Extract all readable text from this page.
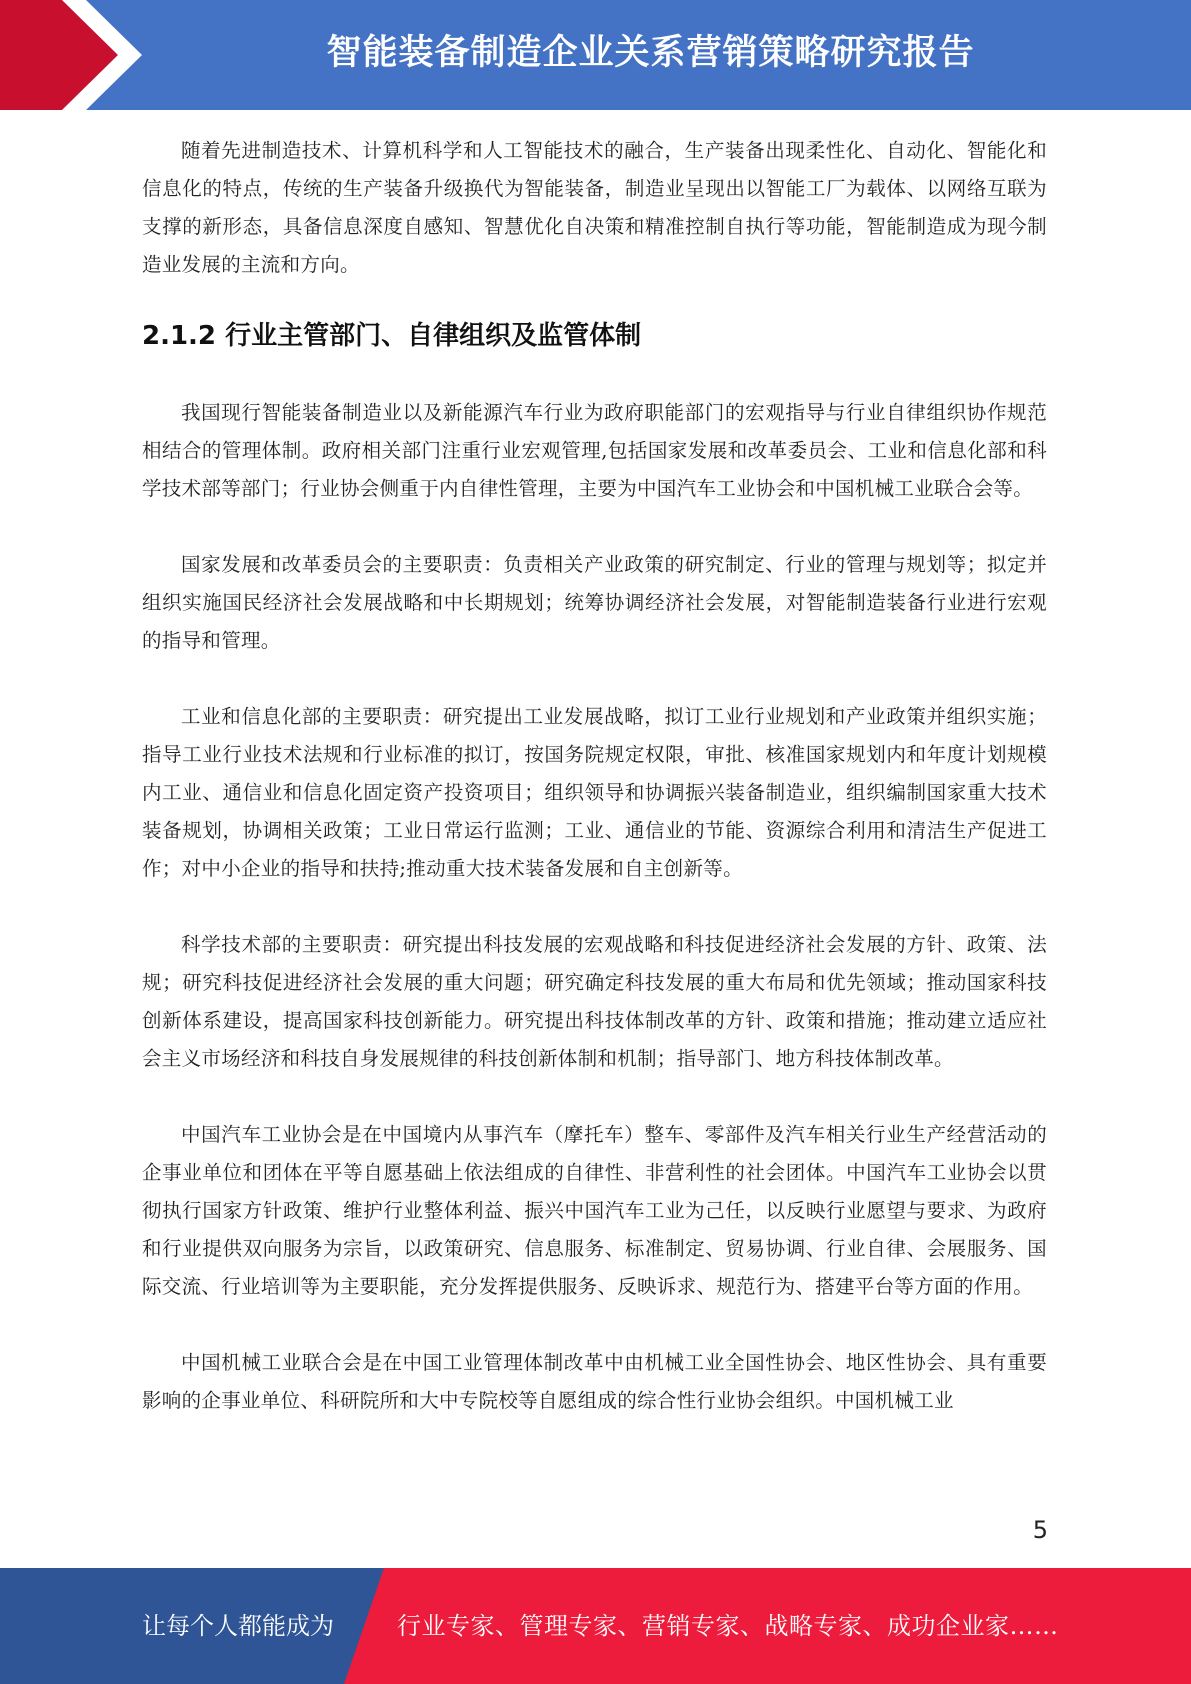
智能装备制造企业关系营销策略研究报告

随着先进制造技术、计算机科学和人工智能技术的融合，生产装备出现柔性化、自动化、智能化和信息化的特点，传统的生产装备升级换代为智能装备，制造业呈现出以智能工厂为载体、以网络互联为支撑的新形态，具备信息深度自感知、智慧优化自决策和精准控制自执行等功能，智能制造成为现今制造业发展的主流和方向。

2.1.2 行业主管部门、自律组织及监管体制

我国现行智能装备制造业以及新能源汽车行业为政府职能部门的宏观指导与行业自律组织协作规范相结合的管理体制。政府相关部门注重行业宏观管理,包括国家发展和改革委员会、工业和信息化部和科学技术部等部门；行业协会侧重于内自律性管理，主要为中国汽车工业协会和中国机械工业联合会等。

国家发展和改革委员会的主要职责：负责相关产业政策的研究制定、行业的管理与规划等；拟定并组织实施国民经济社会发展战略和中长期规划；统筹协调经济社会发展，对智能制造装备行业进行宏观的指导和管理。

工业和信息化部的主要职责：研究提出工业发展战略，拟订工业行业规划和产业政策并组织实施；指导工业行业技术法规和行业标准的拟订，按国务院规定权限，审批、核准国家规划内和年度计划规模内工业、通信业和信息化固定资产投资项目；组织领导和协调振兴装备制造业，组织编制国家重大技术装备规划，协调相关政策；工业日常运行监测；工业、通信业的节能、资源综合利用和清洁生产促进工作；对中小企业的指导和扶持;推动重大技术装备发展和自主创新等。

科学技术部的主要职责：研究提出科技发展的宏观战略和科技促进经济社会发展的方针、政策、法规；研究科技促进经济社会发展的重大问题；研究确定科技发展的重大布局和优先领域；推动国家科技创新体系建设，提高国家科技创新能力。研究提出科技体制改革的方针、政策和措施；推动建立适应社会主义市场经济和科技自身发展规律的科技创新体制和机制；指导部门、地方科技体制改革。

中国汽车工业协会是在中国境内从事汽车（摩托车）整车、零部件及汽车相关行业生产经营活动的企事业单位和团体在平等自愿基础上依法组成的自律性、非营利性的社会团体。中国汽车工业协会以贯彻执行国家方针政策、维护行业整体利益、振兴中国汽车工业为己任，以反映行业愿望与要求、为政府和行业提供双向服务为宗旨，以政策研究、信息服务、标准制定、贸易协调、行业自律、会展服务、国际交流、行业培训等为主要职能，充分发挥提供服务、反映诉求、规范行为、搭建平台等方面的作用。

中国机械工业联合会是在中国工业管理体制改革中由机械工业全国性协会、地区性协会、具有重要影响的企事业单位、科研院所和大中专院校等自愿组成的综合性行业协会组织。中国机械工业

5
让每个人都能成为	行业专家、管理专家、营销专家、战略专家、成功企业家……
